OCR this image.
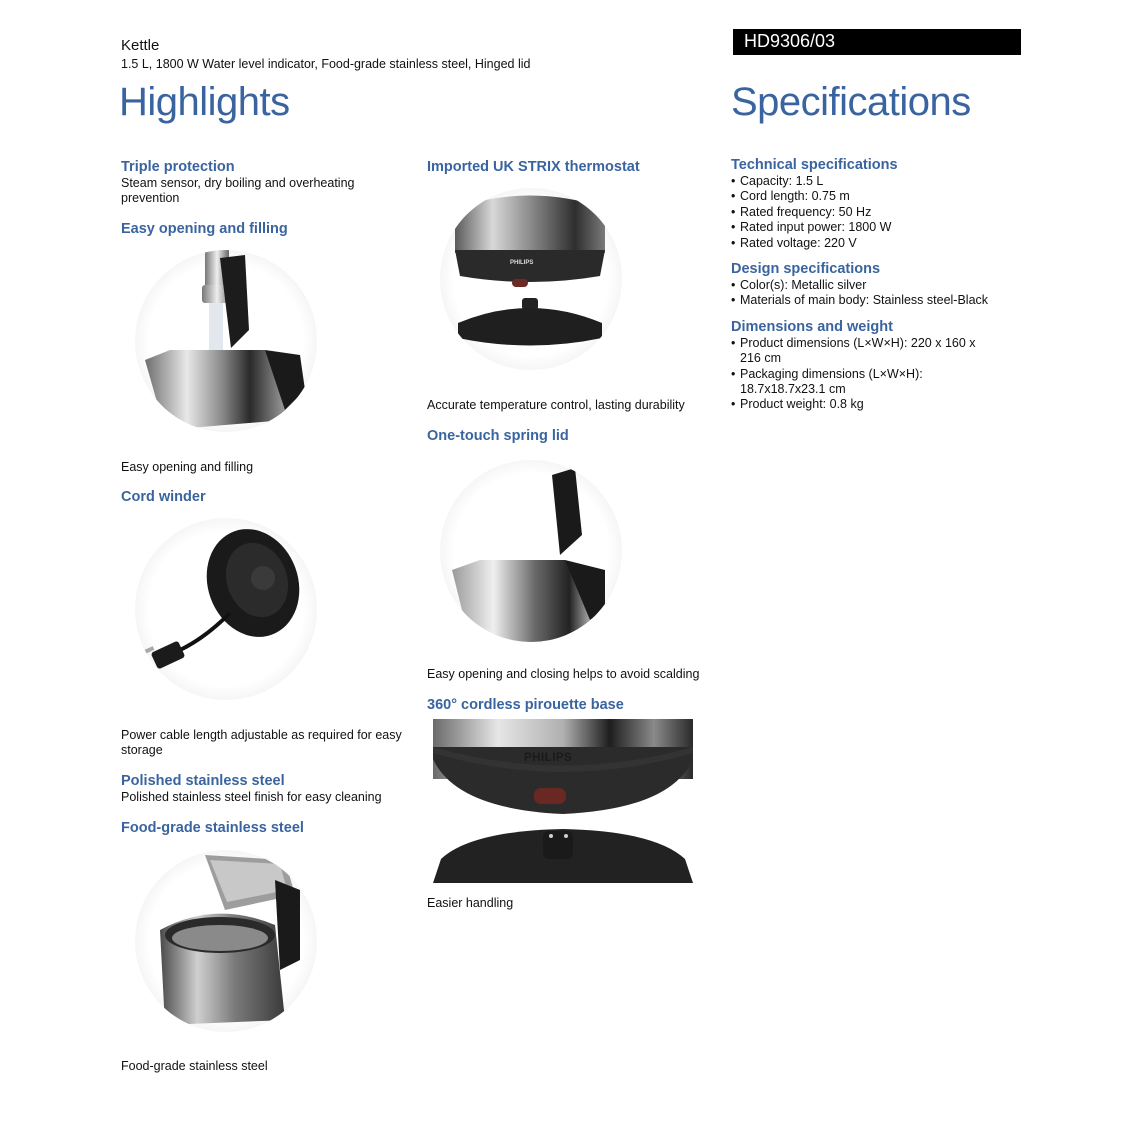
Kettle
1.5 L, 1800 W Water level indicator, Food-grade stainless steel, Hinged lid
HD9306/03
Highlights	Specifications
Triple protection
Steam sensor, dry boiling and overheating prevention
Easy opening and filling
Easy opening and filling
Cord winder
Power cable length adjustable as required for easy storage
Polished stainless steel
Polished stainless steel finish for easy cleaning
Food-grade stainless steel
Food-grade stainless steel
Imported UK STRIX thermostat
PHILIPS
Accurate temperature control, lasting durability
One-touch spring lid
Easy opening and closing helps to avoid scalding
360° cordless pirouette base
PHILIPS
Easier handling
Technical specifications
• Capacity: 1.5 L
• Cord length: 0.75 m
• Rated frequency: 50 Hz
• Rated input power: 1800 W
• Rated voltage: 220 V
Design specifications
• Color(s): Metallic silver
• Materials of main body: Stainless steel-Black
Dimensions and weight
• Product dimensions (L×W×H): 220 x 160 x 216 cm
• Packaging dimensions (L×W×H): 18.7x18.7x23.1 cm
• Product weight: 0.8 kg
